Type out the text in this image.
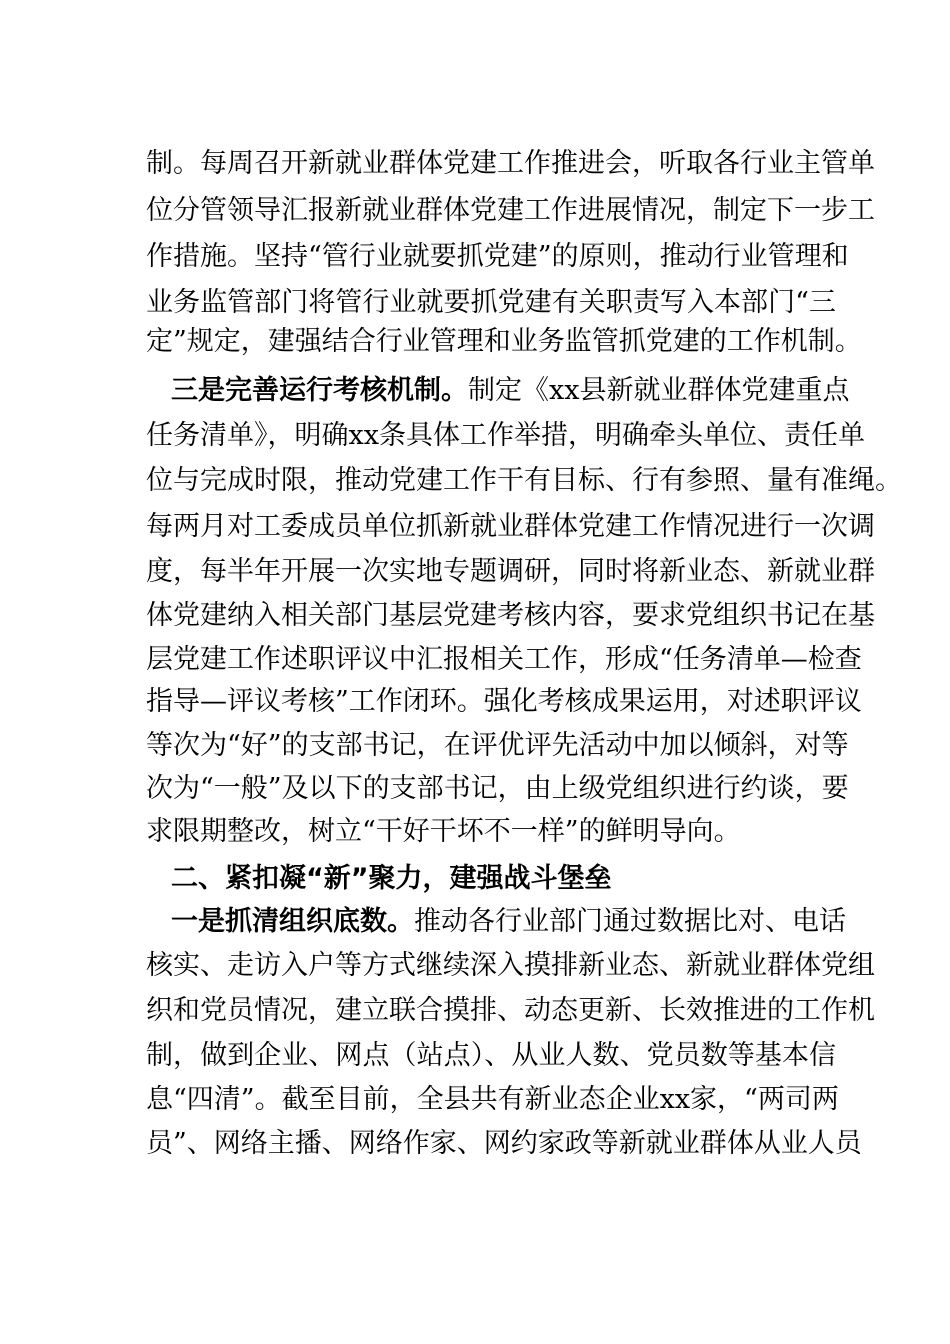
制。每周召开新就业群体党建工作推进会，听取各行业主管单
位分管领导汇报新就业群体党建工作进展情况，制定下一步工
作措施。坚持“管行业就要抓党建”的原则，推动行业管理和
业务监管部门将管行业就要抓党建有关职责写入本部门“三
定”规定，建强结合行业管理和业务监管抓党建的工作机制。
三是完善运行考核机制。制定《xx县新就业群体党建重点
任务清单》，明确xx条具体工作举措，明确牵头单位、责任单
位与完成时限，推动党建工作干有目标、行有参照、量有准绳。
每两月对工委成员单位抓新就业群体党建工作情况进行一次调
度，每半年开展一次实地专题调研，同时将新业态、新就业群
体党建纳入相关部门基层党建考核内容，要求党组织书记在基
层党建工作述职评议中汇报相关工作，形成“任务清单—检查
指导—评议考核”工作闭环。强化考核成果运用，对述职评议
等次为“好”的支部书记，在评优评先活动中加以倾斜，对等
次为“一般”及以下的支部书记，由上级党组织进行约谈，要
求限期整改，树立“干好干坏不一样”的鲜明导向。
二、紧扣凝“新”聚力，建强战斗堡垒
一是抓清组织底数。推动各行业部门通过数据比对、电话
核实、走访入户等方式继续深入摸排新业态、新就业群体党组
织和党员情况，建立联合摸排、动态更新、长效推进的工作机
制，做到企业、网点（站点）、从业人数、党员数等基本信
息“四清”。截至目前，全县共有新业态企业xx家，“两司两
员”、网络主播、网络作家、网约家政等新就业群体从业人员
